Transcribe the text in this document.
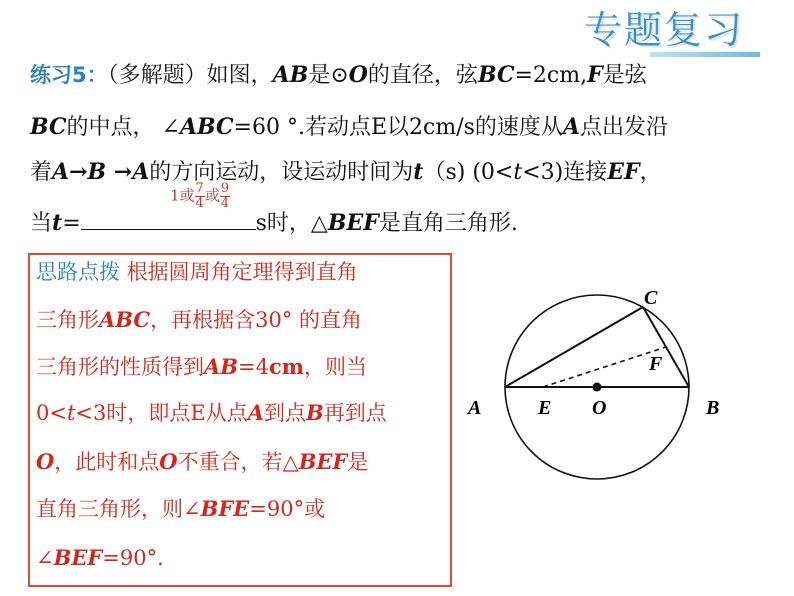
专题复习
练习5：（多解题）如图，AB是⊙O的直径，弦BC=2cm,F是弦
BC的中点， ∠ABC=60 °.若动点E以2cm/s的速度从A点出发沿
着A→B →A的方向运动，设运动时间为t（s) (0<t<3)连接EF，
当t=	s时，△BEF是直角三角形.
1或 $\frac{7}{4}$ 或 $\frac{9}{4}$
思路点拨 根据圆周角定理得到直角
三角形ABC，再根据含30° 的直角
三角形的性质得到AB=4cm，则当
0<t<3时，即点E从点A到点B再到点
O，此时和点O不重合，若△BEF是
直角三角形，则∠BFE=90°或
∠BEF=90°.
A	E O	B
C
F
